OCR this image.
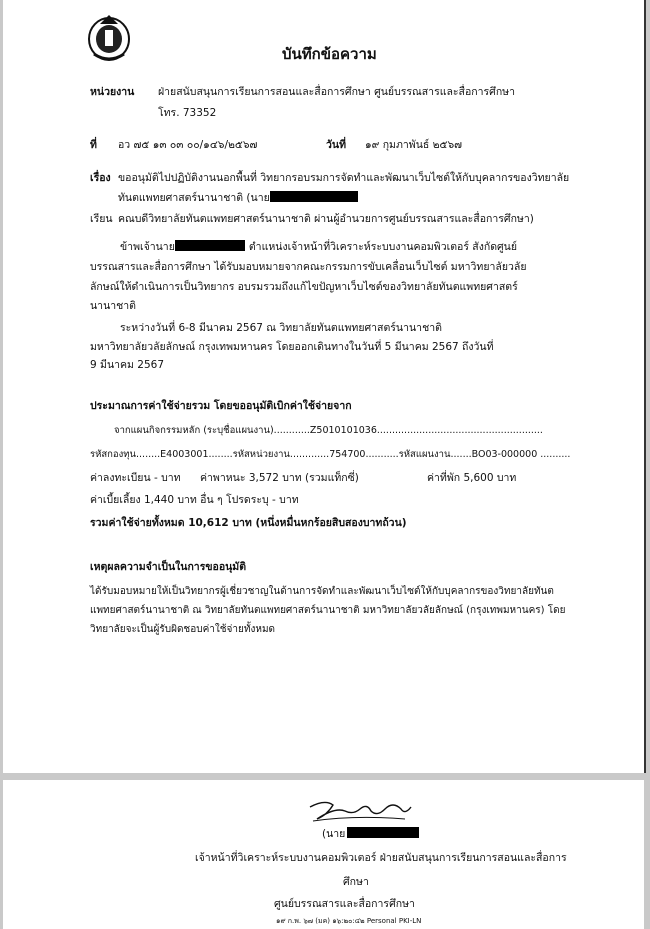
บันทึกข้อความ
หน่วยงาน ฝ่ายสนับสนุนการเรียนการสอนและสื่อการศึกษา ศูนย์บรรณสารและสื่อการศึกษา
โทร. 73352
ที่ อว ๗๕ ๑๓ ๐๓ ๐๐/๑๔๖/๒๕๖๗	วันที่ ๑๙ กุมภาพันธ์ ๒๕๖๗
เรื่อง ขออนุมัติไปปฏิบัติงานนอกพื้นที่ วิทยากรอบรมการจัดทำและพัฒนาเว็บไซต์ให้กับบุคลากรของวิทยาลัย
ทันตแพทยศาสตร์นานาชาติ (นาย
เรียน คณบดีวิทยาลัยทันตแพทยศาสตร์นานาชาติ ผ่านผู้อำนวยการศูนย์บรรณสารและสื่อการศึกษา)
ข้าพเจ้านาย	ตำแหน่งเจ้าหน้าที่วิเคราะห์ระบบงานคอมพิวเตอร์ สังกัดศูนย์
บรรณสารและสื่อการศึกษา ได้รับมอบหมายจากคณะกรรมการขับเคลื่อนเว็บไซต์ มหาวิทยาลัยวลัย
ลักษณ์ให้ดำเนินการเป็นวิทยากร อบรมรวมถึงแก้ไขปัญหาเว็บไซต์ของวิทยาลัยทันตแพทยศาสตร์
นานาชาติ
ระหว่างวันที่ 6-8 มีนาคม 2567 ณ วิทยาลัยทันตแพทยศาสตร์นานาชาติ
มหาวิทยาลัยวลัยลักษณ์ กรุงเทพมหานคร โดยออกเดินทางในวันที่ 5 มีนาคม 2567 ถึงวันที่
9 มีนาคม 2567
ประมาณการค่าใช้จ่ายรวม โดยขออนุมัติเบิกค่าใช้จ่ายจาก
จากแผนกิจกรรมหลัก (ระบุชื่อแผนงาน)............Z5010101036.......................................................
รหัสกองทุน........E4003001........รหัสหน่วยงาน.............754700...........รหัสแผนงาน.......BO03-000000 ..........
ค่าลงทะเบียน - บาท ค่าพาหนะ 3,572 บาท (รวมแท็กซี่)	ค่าที่พัก 5,600 บาท
ค่าเบี้ยเลี้ยง 1,440 บาท อื่น ๆ โปรดระบุ - บาท
รวมค่าใช้จ่ายทั้งหมด 10,612 บาท (หนึ่งหมื่นหกร้อยสิบสองบาทถ้วน)
เหตุผลความจำเป็นในการขออนุมัติ
ได้รับมอบหมายให้เป็นวิทยากรผู้เชี่ยวชาญในด้านการจัดทำและพัฒนาเว็บไซต์ให้กับบุคลากรของวิทยาลัยทันต
แพทยศาสตร์นานาชาติ ณ วิทยาลัยทันตแพทยศาสตร์นานาชาติ มหาวิทยาลัยวลัยลักษณ์ (กรุงเทพมหานคร) โดย
วิทยาลัยจะเป็นผู้รับผิดชอบค่าใช้จ่ายทั้งหมด
(นาย
เจ้าหน้าที่วิเคราะห์ระบบงานคอมพิวเตอร์ ฝ่ายสนับสนุนการเรียนการสอนและสื่อการ
ศึกษา
ศูนย์บรรณสารและสื่อการศึกษา
๑๙ ก.พ. ๖๗ (มค) ๑๖:๒๐:๔๒ Personal PKI-LN
